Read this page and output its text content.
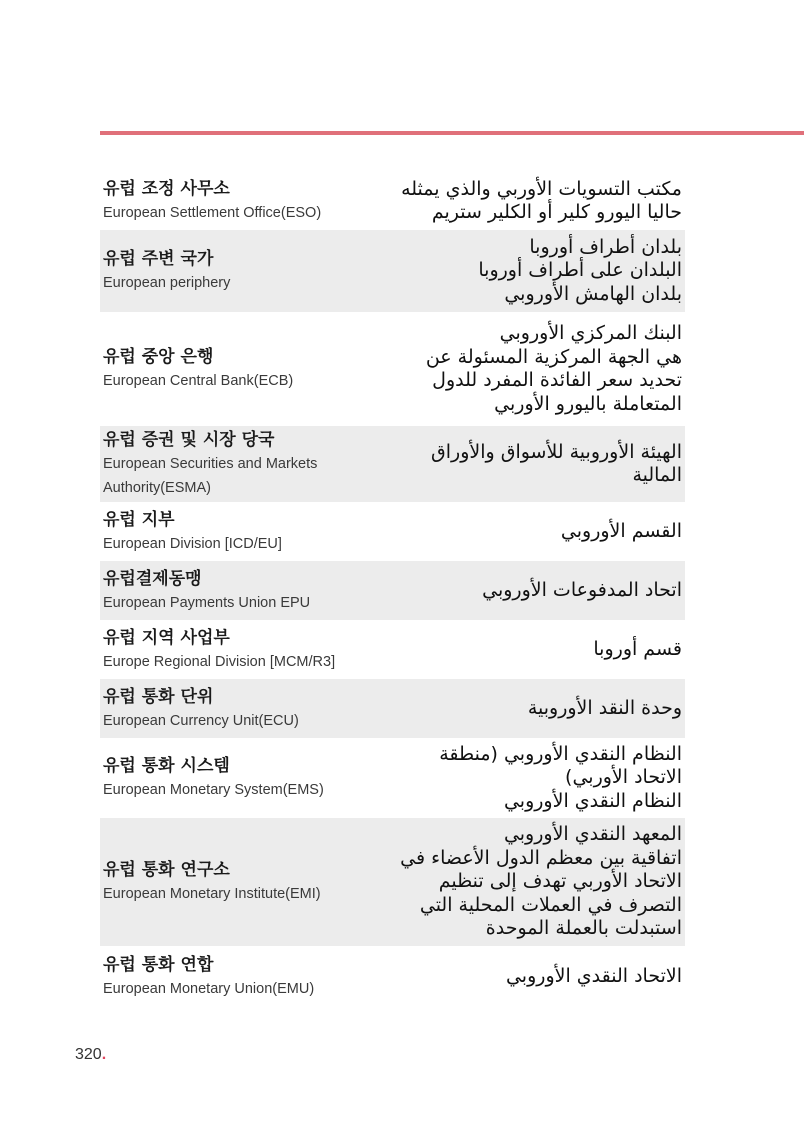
유럽 조정 사무소
European Settlement Office(ESO)
مكتب التسويات الأوربي والذي يمثله
حاليا اليورو كلير أو الكلير ستريم
유럽 주변 국가
European periphery
بلدان أطراف أوروبا
البلدان على أطراف أوروبا
بلدان الهامش الأوروبي
유럽 중앙 은행
European Central Bank(ECB)
البنك المركزي الأوروبي
هي الجهة المركزية المسئولة عن
تحديد سعر الفائدة المفرد للدول
المتعاملة باليورو الأوربي
유럽 증권 및 시장 당국
European Securities and Markets Authority(ESMA)
الهيئة الأوروبية للأسواق والأوراق
المالية
유럽 지부
European Division [ICD/EU]
القسم الأوروبي
유럽결제동맹
European Payments Union EPU
اتحاد المدفوعات الأوروبي
유럽 지역 사업부
Europe Regional Division [MCM/R3]
قسم أوروبا
유럽 통화 단위
European Currency Unit(ECU)
وحدة النقد الأوروبية
유럽 통화 시스템
European Monetary System(EMS)
النظام النقدي الأوروبي (منطقة
الاتحاد الأوربي)
النظام النقدي الأوروبي
유럽 통화 연구소
European Monetary Institute(EMI)
المعهد النقدي الأوروبي
اتفاقية بين معظم الدول الأعضاء في
الاتحاد الأوربي تهدف إلى تنظيم
التصرف في العملات المحلية التي
استبدلت بالعملة الموحدة
유럽 통화 연합
European Monetary Union(EMU)
الاتحاد النقدي الأوروبي
320.
